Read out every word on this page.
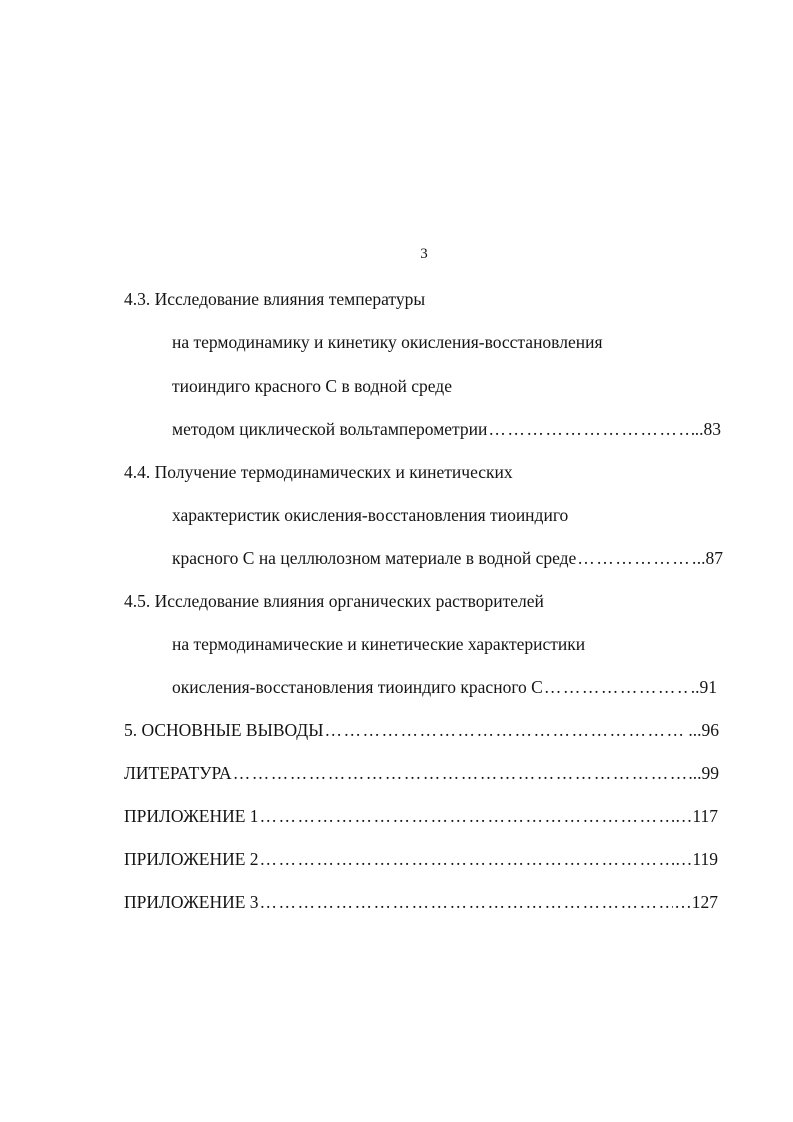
3
4.3. Исследование влияния температуры
на термодинамику и кинетику окисления-восстановления
тиоиндиго красного С в водной среде
методом циклической вольтамперометрии ………………………………………………………………………………………………………………………………………………………………………………	..83
4.4. Получение термодинамических и кинетических
характеристик окисления-восстановления тиоиндиго
красного С на целлюлозном материале в водной среде ………………………………………………………………………………………………………………………………………………………………………………	..87
4.5. Исследование влияния органических растворителей
на термодинамические и кинетические характеристики
окисления-восстановления тиоиндиго красного С ………………………………………………………………………………………………………………………………………………………………………………	..91
5. ОСНОВНЫЕ ВЫВОДЫ ………………………………………………………………………………………………………………………………………………………………………………	...96
ЛИТЕРАТУРА ………………………………………………………………………………………………………………………………………………………………………………	...99
ПРИЛОЖЕНИЕ 1 ………………………………………………………………………………………………………………………………………………………………………………	…117
ПРИЛОЖЕНИЕ 2 ………………………………………………………………………………………………………………………………………………………………………………	…119
ПРИЛОЖЕНИЕ 3 ………………………………………………………………………………………………………………………………………………………………………………	…127
